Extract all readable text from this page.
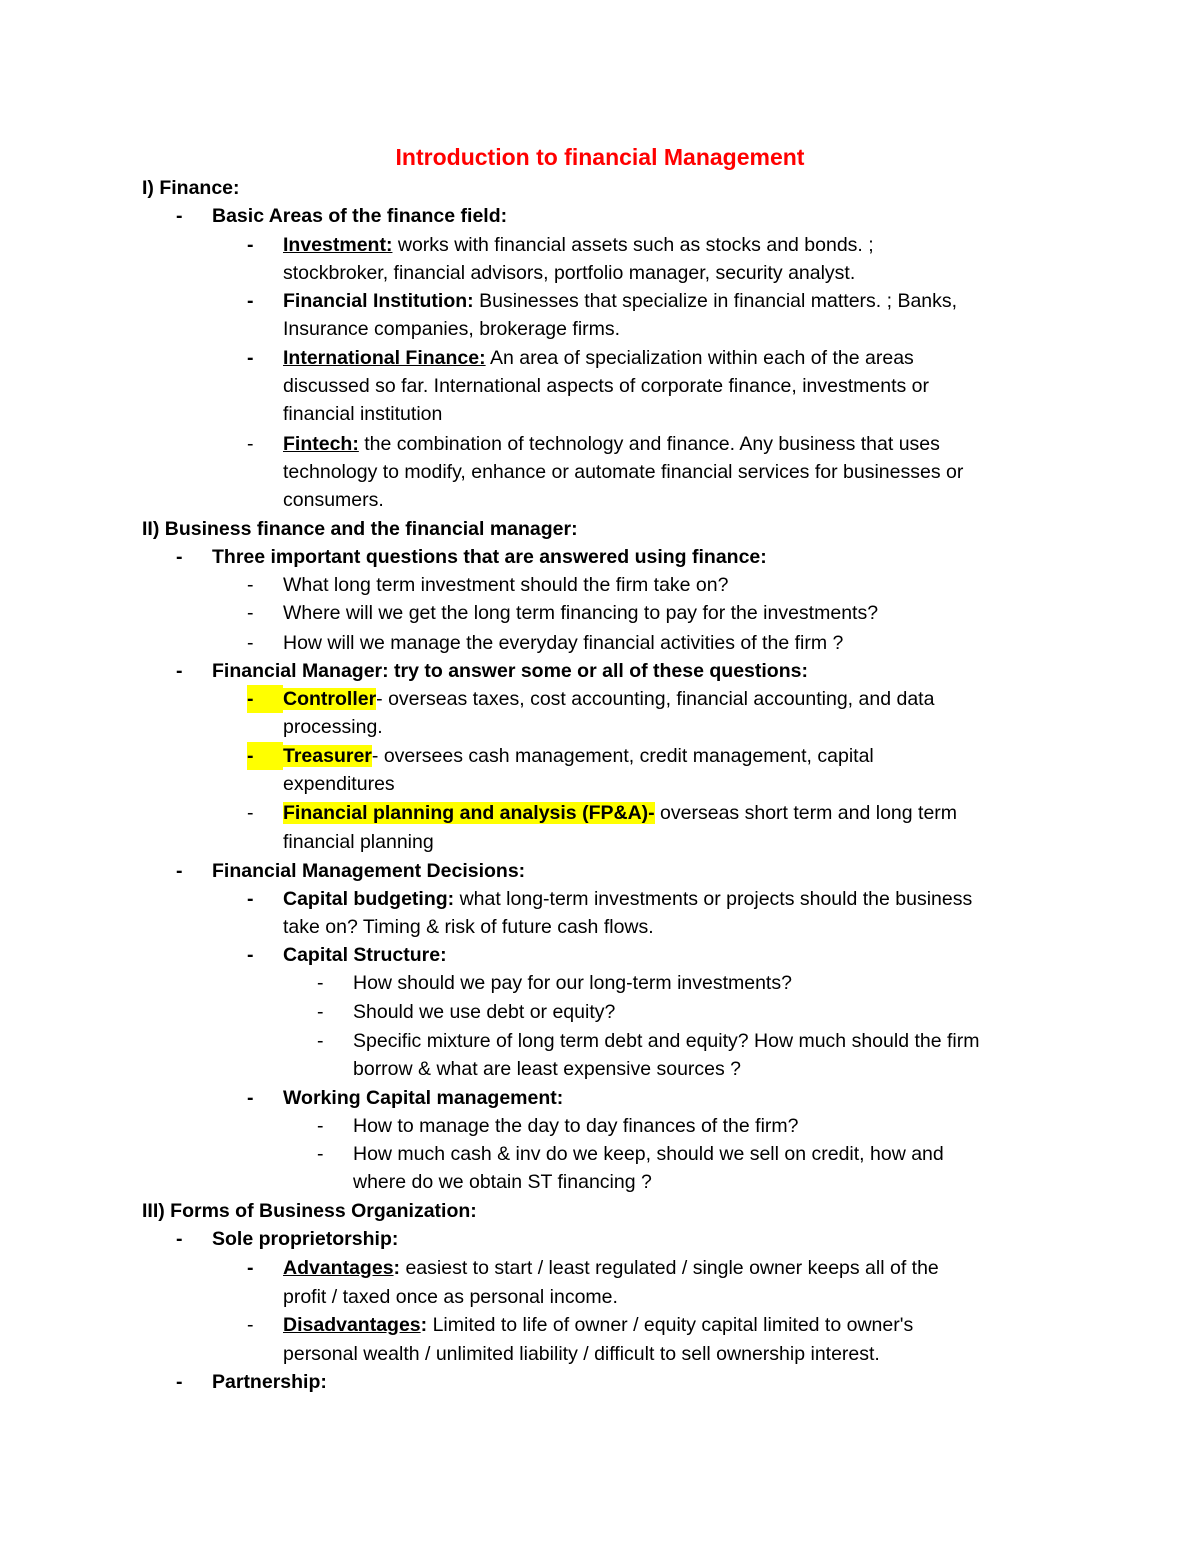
Introduction to financial Management
I) Finance:
- Basic Areas of the finance field:
- Investment: works with financial assets such as stocks and bonds. ;
stockbroker, financial advisors, portfolio manager, security analyst.
- Financial Institution: Businesses that specialize in financial matters. ; Banks,
Insurance companies, brokerage firms.
- International Finance: An area of specialization within each of the areas
discussed so far. International aspects of corporate finance, investments or
financial institution
- Fintech: the combination of technology and finance. Any business that uses
technology to modify, enhance or automate financial services for businesses or
consumers.
II) Business finance and the financial manager:
- Three important questions that are answered using finance:
- What long term investment should the firm take on?
- Where will we get the long term financing to pay for the investments?
- How will we manage the everyday financial activities of the firm ?
- Financial Manager: try to answer some or all of these questions:
-	Controller- overseas taxes, cost accounting, financial accounting, and data
processing.
-	Treasurer- oversees cash management, credit management, capital
expenditures
- Financial planning and analysis (FP&A)- overseas short term and long term
financial planning
- Financial Management Decisions:
- Capital budgeting: what long-term investments or projects should the business
take on? Timing & risk of future cash flows.
- Capital Structure:
- How should we pay for our long-term investments?
- Should we use debt or equity?
- Specific mixture of long term debt and equity? How much should the firm
borrow & what are least expensive sources ?
- Working Capital management:
- How to manage the day to day finances of the firm?
- How much cash & inv do we keep, should we sell on credit, how and
where do we obtain ST financing ?
III) Forms of Business Organization:
- Sole proprietorship:
- Advantages: easiest to start / least regulated / single owner keeps all of the
profit / taxed once as personal income.
- Disadvantages: Limited to life of owner / equity capital limited to owner's
personal wealth / unlimited liability / difficult to sell ownership interest.
- Partnership:
